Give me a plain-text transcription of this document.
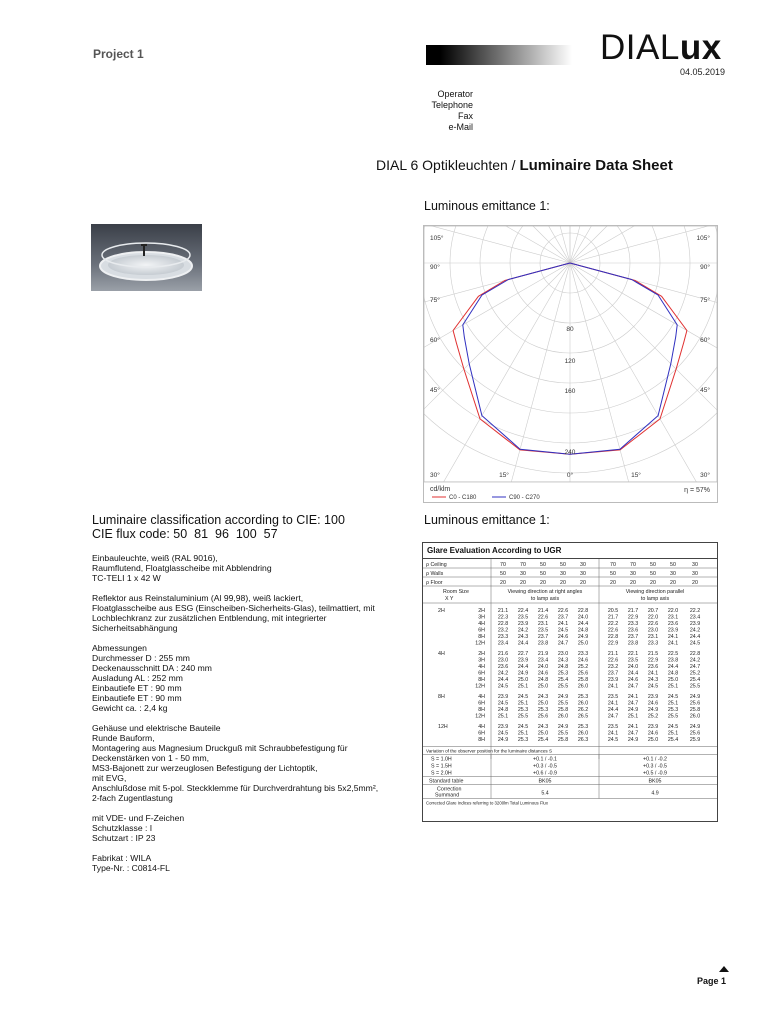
Project 1	DIALux
04.05.2019
Operator
Telephone
Fax
e-Mail
DIAL 6 Optikleuchten / Luminaire Data Sheet
Luminous emittance 1:
105°
90°
75°
60°
45°
30°
105°
90°
75°
60°
45°
30°
15°	0°	15°
80
120
160
240
cd/klm
C0 - C180	C90 - C270
η = 57%
Luminaire classification according to CIE: 100
CIE flux code: 50  81  96  100  57
Luminous emittance 1:
Glare Evaluation According to UGR
ρ Ceiling	70	70	50	50	30	70	70	50	50	30
ρ Walls	50	30	50	30	30	50	30	50	30	30
ρ Floor	20	20	20	20	20	20	20	20	20	20
Room Size
X Y
Viewing direction at right angles
to lamp axis
Viewing direction parallel
to lamp axis
2H	2H 21.1 22.4 21.4 22.6 22.8	20.5 21.7 20.7 22.0 22.2
3H 22.3 23.5 22.6 23.7 24.0	21.7 22.9 22.0 23.1 23.4
4H 22.8 23.9 23.1 24.1 24.4	22.2 23.3 22.6 23.6 23.9
6H 23.2 24.2 23.5 24.5 24.8	22.6 23.6 23.0 23.9 24.2
8H 23.3 24.3 23.7 24.6 24.9	22.8 23.7 23.1 24.1 24.4
12H 23.4 24.4 23.8 24.7 25.0	22.9 23.8 23.3 24.1 24.5
4H	2H 21.6 22.7 21.9 23.0 23.3	21.1 22.1 21.5 22.5 22.8
3H 23.0 23.9 23.4 24.3 24.6	22.6 23.5 22.9 23.8 24.2
4H 23.6 24.4 24.0 24.8 25.2	23.2 24.0 23.6 24.4 24.7
6H 24.2 24.9 24.6 25.3 25.6	23.7 24.4 24.1 24.8 25.2
8H 24.4 25.0 24.8 25.4 25.8	23.9 24.6 24.3 25.0 25.4
12H 24.5 25.1 25.0 25.5 26.0	24.1 24.7 24.5 25.1 25.5
8H	4H 23.9 24.5 24.3 24.9 25.3	23.5 24.1 23.9 24.5 24.9
6H 24.5 25.1 25.0 25.5 26.0	24.1 24.7 24.6 25.1 25.6
8H 24.8 25.3 25.3 25.8 26.2	24.4 24.9 24.9 25.3 25.8
12H 25.1 25.5 25.6 26.0 26.5	24.7 25.1 25.2 25.5 26.0
12H	4H 23.9 24.5 24.3 24.9 25.3	23.5 24.1 23.9 24.5 24.9
6H 24.5 25.1 25.0 25.5 26.0	24.1 24.7 24.6 25.1 25.6
8H 24.9 25.3 25.4 25.8 26.3	24.5 24.9 25.0 25.4 25.9
Variation of the observer position for the luminaire distances S
S = 1.0H	+0.1 / -0.1	+0.1 / -0.2
S = 1.5H	+0.3 / -0.5	+0.3 / -0.5
S = 2.0H	+0.6 / -0.9	+0.5 / -0.9
Standard table	BK05	BK05
Correction
Summand	5.4	4.9
Corrected Glare Indices referring to 3200lm Total Luminous Flux
Einbauleuchte, weiß (RAL 9016),
Raumflutend, Floatglasscheibe mit Abblendring
TC-TELI 1 x 42 W
Reflektor aus Reinstaluminium (Al 99,98), weiß lackiert,
Floatglasscheibe aus ESG (Einscheiben-Sicherheits-Glas), teilmattiert, mit
Lochblechkranz zur zusätzlichen Entblendung, mit integrierter
Sicherheitsabhängung
Abmessungen
Durchmesser D : 255 mm
Deckenausschnitt DA : 240 mm
Ausladung AL : 252 mm
Einbautiefe ET : 90 mm
Einbautiefe ET : 90 mm
Gewicht ca. : 2,4 kg
Gehäuse und elektrische Bauteile
Runde Bauform,
Montagering aus Magnesium Druckguß mit Schraubbefestigung für
Deckenstärken von 1 - 50 mm,
MS3-Bajonett zur werzeuglosen Befestigung der Lichtoptik,
mit EVG,
Anschlußdose mit 5-pol. Steckklemme für Durchverdrahtung bis 5x2,5mm²,
2-fach Zugentlastung
mit VDE- und F-Zeichen
Schutzklasse : I
Schutzart : IP 23
Fabrikat : WILA
Type-Nr. : C0814-FL
Page 1
